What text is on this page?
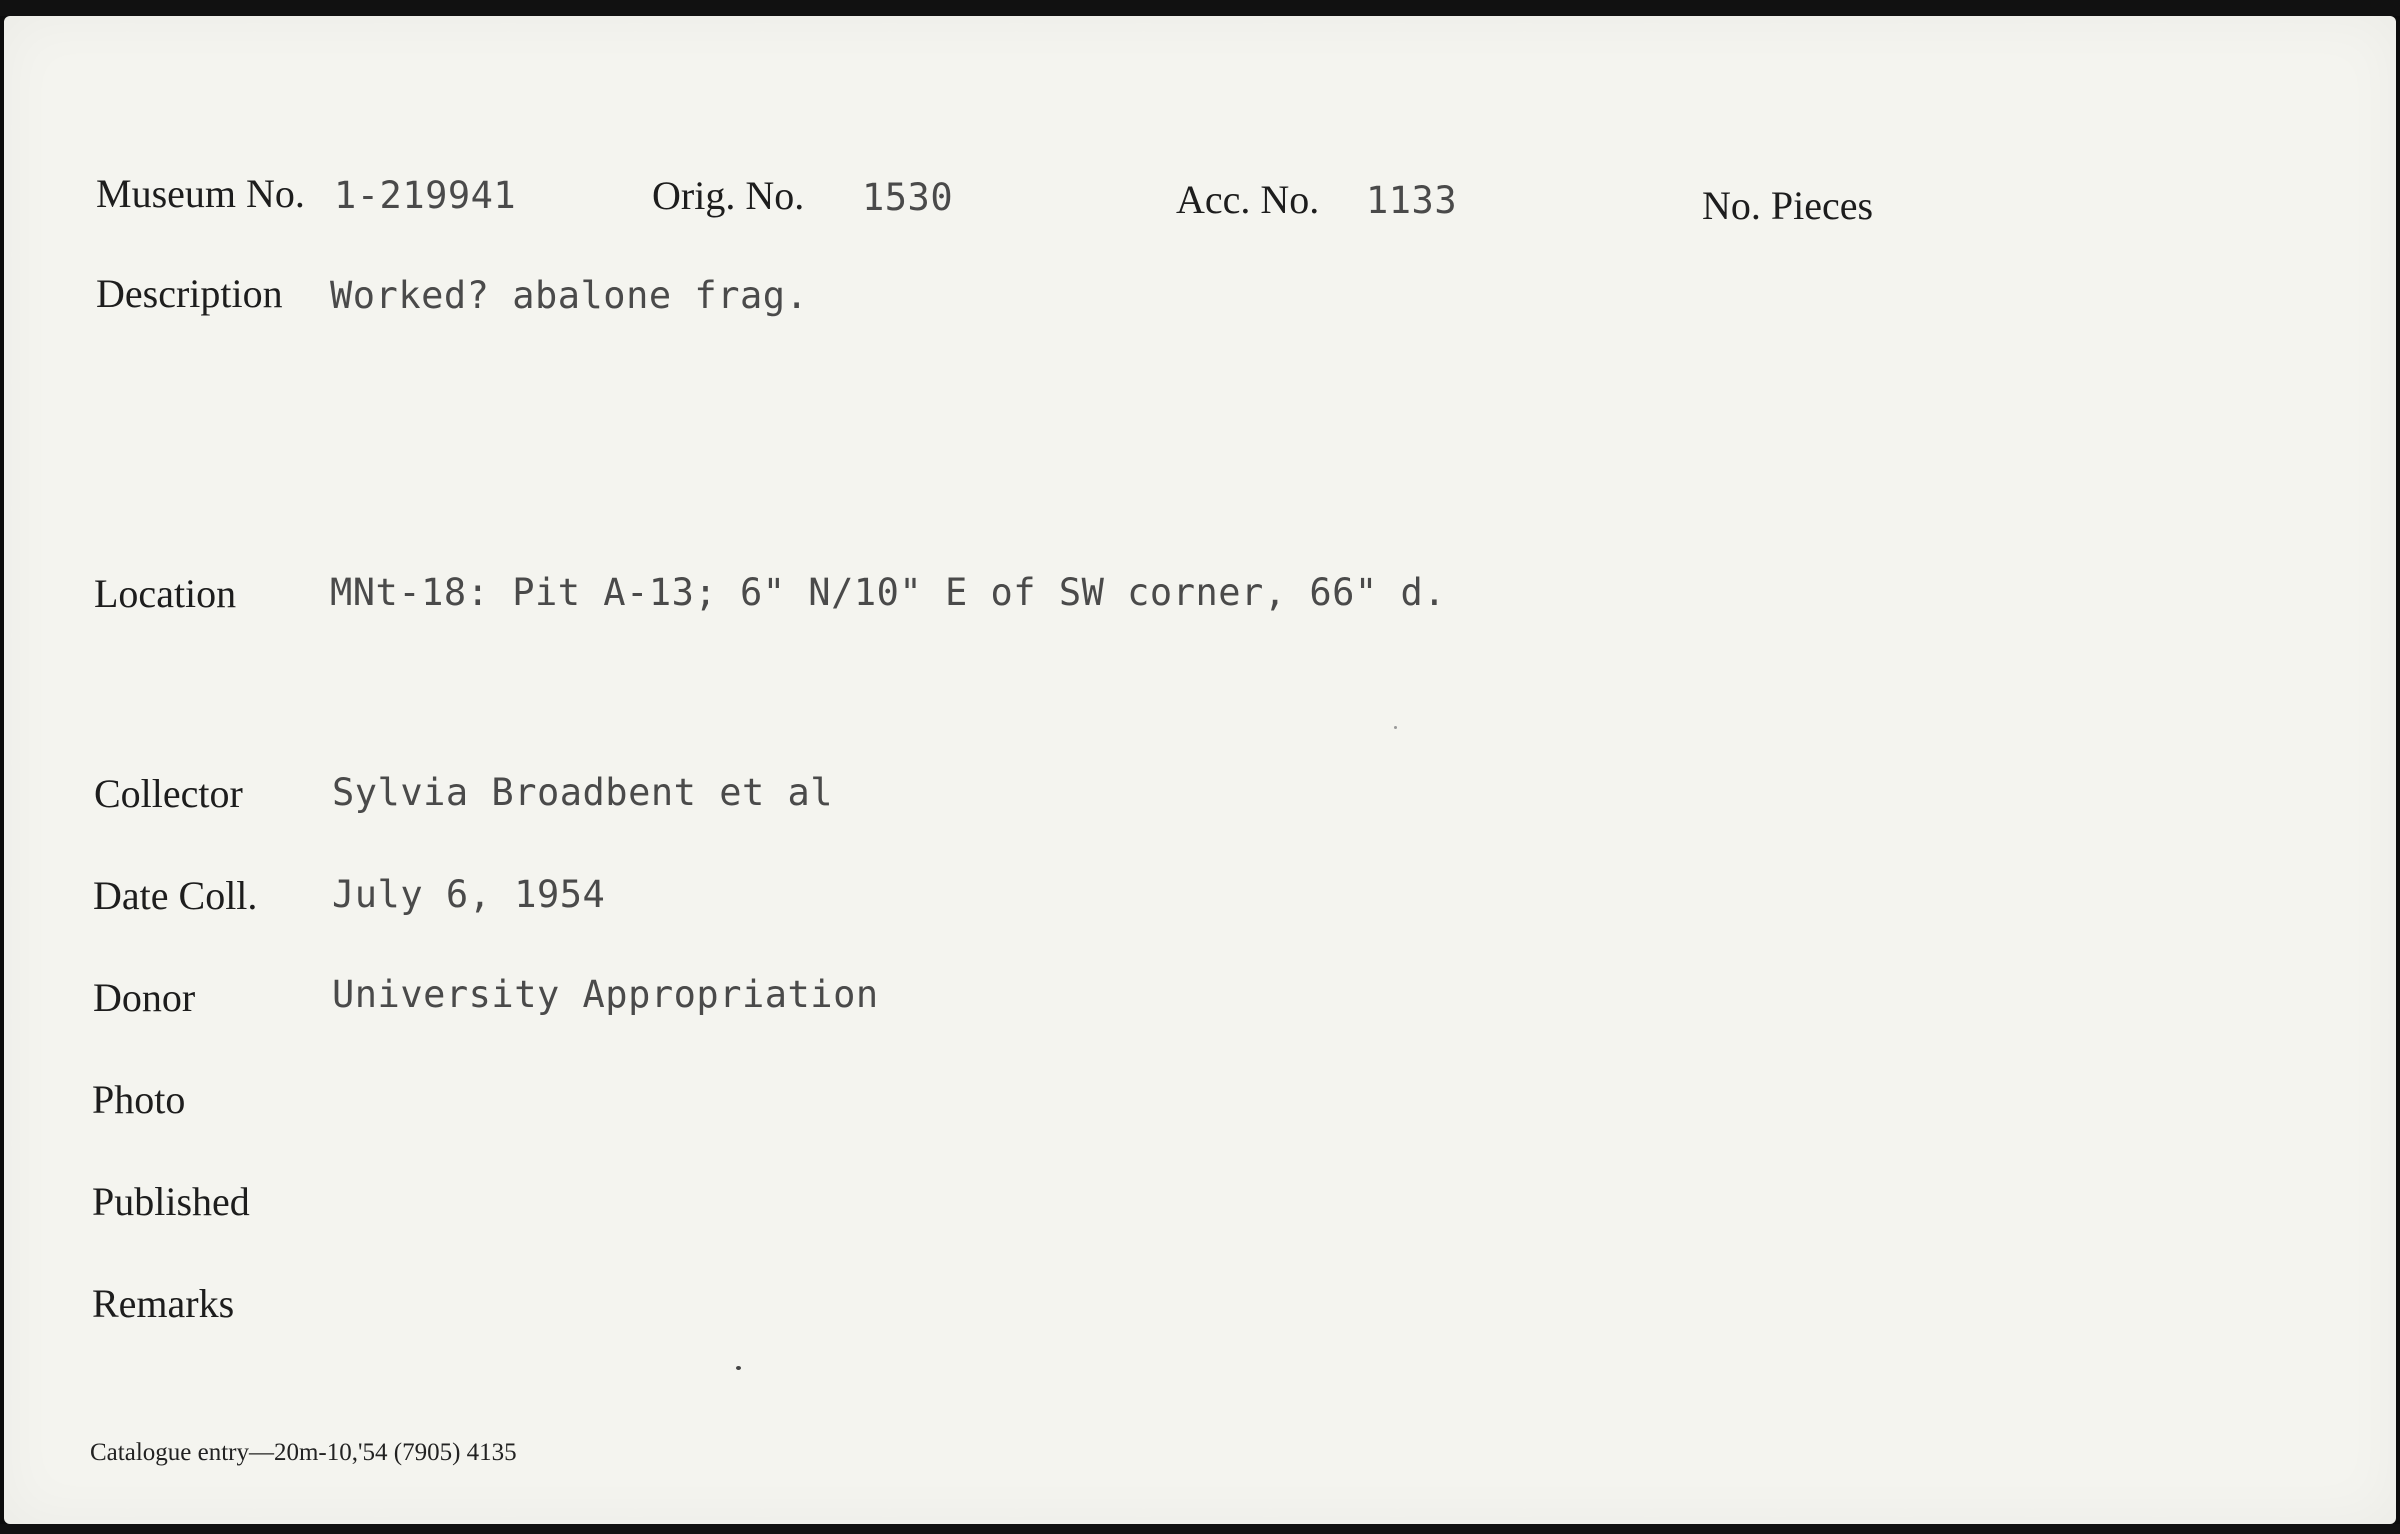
Museum No. 1-219941	Orig. No. 1530	Acc. No. 1133	No. Pieces
Description Worked? abalone frag.
Location	MNt-18: Pit A-13; 6" N/10" E of SW corner, 66" d.
Collector Sylvia Broadbent et al
Date Coll. July 6, 1954
Donor	University Appropriation
Photo
Published
Remarks
Catalogue entry—20m-10,'54 (7905) 4135
